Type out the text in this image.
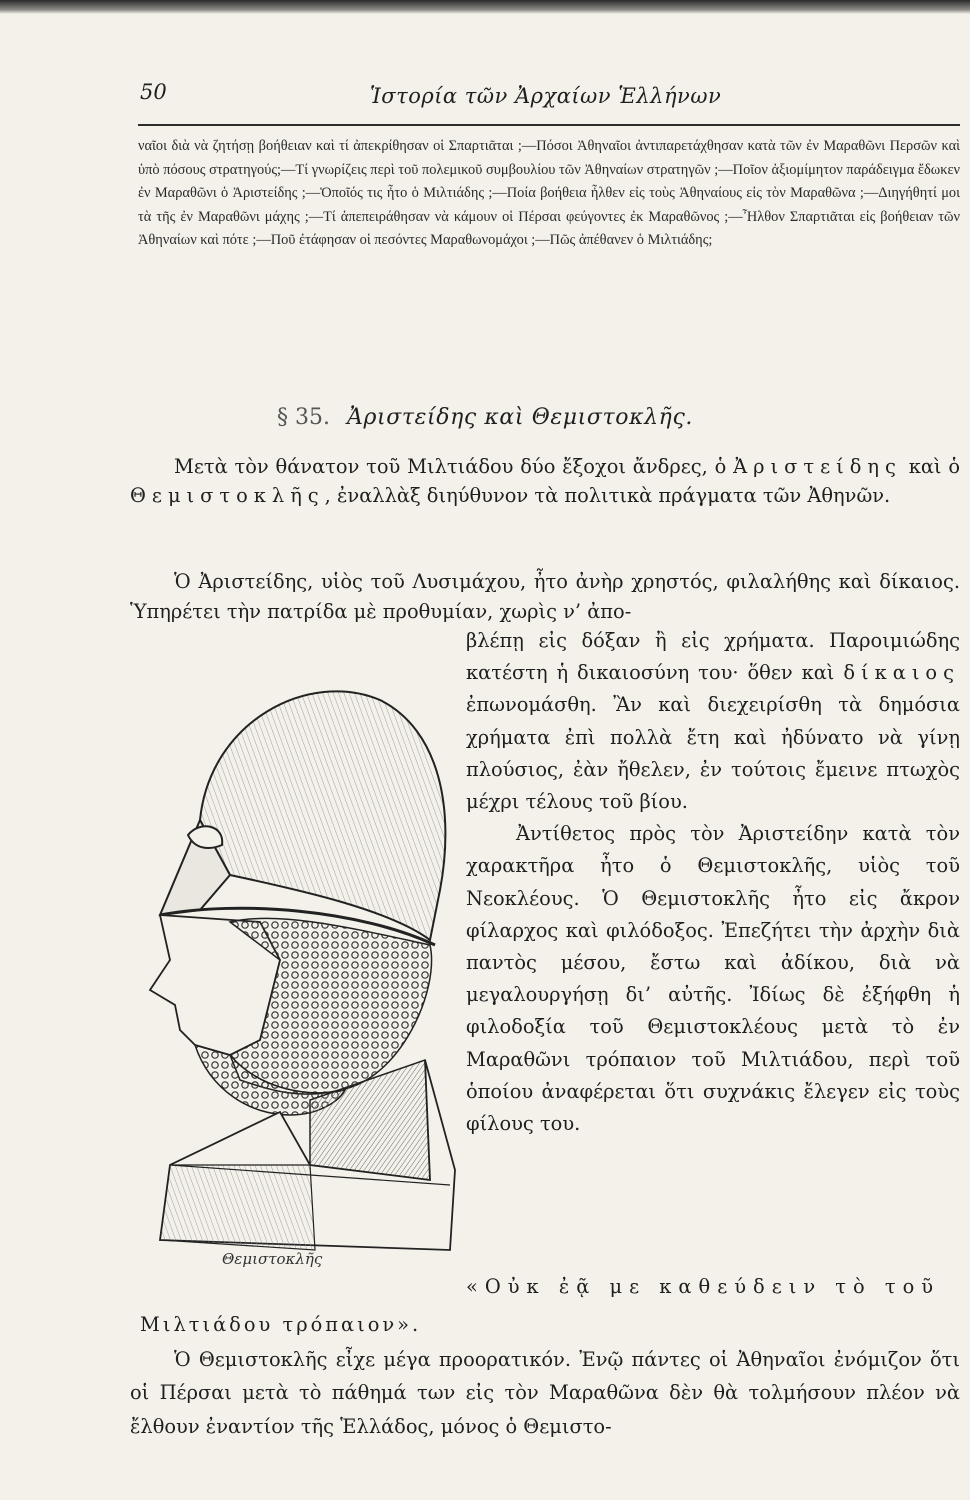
50	Ἱστορία τῶν Ἀρχαίων Ἑλλήνων
ναῖοι διὰ νὰ ζητήσῃ βοήθειαν καὶ τί ἀπεκρίθησαν οἱ Σπαρτιᾶται ;—Πόσοι Ἀθηναῖοι ἀντιπαρετάχθησαν κατὰ τῶν ἐν Μαραθῶνι Περσῶν καὶ ὑπὸ πόσους στρατηγούς;—Τί γνωρίζεις περὶ τοῦ πολεμικοῦ συμβουλίου τῶν Ἀθηναίων στρατηγῶν ;—Ποῖον ἀξιομίμητον παράδειγμα ἔδωκεν ἐν Μαραθῶνι ὁ Ἀριστείδης ;—Ὁποῖός τις ἦτο ὁ Μιλτιάδης ;—Ποία βοήθεια ἦλθεν εἰς τοὺς Ἀθηναίους εἰς τὸν Μαραθῶνα ;—Διηγήθητί μοι τὰ τῆς ἐν Μαραθῶνι μάχης ;—Τί ἀπεπειράθησαν νὰ κάμουν οἱ Πέρσαι φεύγοντες ἐκ Μαραθῶνος ;—Ἦλθον Σπαρτιᾶται εἰς βοήθειαν τῶν Ἀθηναίων καὶ πότε ;—Ποῦ ἐτάφησαν οἱ πεσόντες Μαραθωνομάχοι ;—Πῶς ἀπέθανεν ὁ Μιλτιάδης;
§ 35. Ἀριστείδης καὶ Θεμιστοκλῆς.
Μετὰ τὸν θάνατον τοῦ Μιλτιάδου δύο ἔξοχοι ἄνδρες, ὁ Ἀριστείδης καὶ ὁ Θεμιστοκλῆς, ἐναλλὰξ διηύθυνον τὰ πολιτικὰ πράγματα τῶν Ἀθηνῶν.
Ὁ Ἀριστείδης, υἱὸς τοῦ Λυσιμάχου, ἦτο ἀνὴρ χρηστός, φιλαλήθης καὶ δίκαιος. Ὑπηρέτει τὴν πατρίδα μὲ προθυμίαν, χωρὶς ν’ ἀπο-

βλέπῃ εἰς δόξαν ἢ εἰς χρήματα. Παροιμιώδης κατέστη ἡ δικαιοσύνη του· ὅθεν καὶ δίκαιος ἐπωνομάσθη. Ἂν καὶ διεχειρίσθη τὰ δημόσια χρήματα ἐπὶ πολλὰ ἔτη καὶ ἠδύνατο νὰ γίνῃ πλούσιος, ἐὰν ἤθελεν, ἐν τούτοις ἔμεινε πτωχὸς μέχρι τέλους τοῦ βίου.

Ἀντίθετος πρὸς τὸν Ἀριστείδην κατὰ τὸν χαρακτῆρα ἦτο ὁ Θεμιστοκλῆς, υἱὸς τοῦ Νεοκλέους. Ὁ Θεμιστοκλῆς ἦτο εἰς ἄκρον φίλαρχος καὶ φιλόδοξος. Ἐπεζήτει τὴν ἀρχὴν διὰ παντὸς μέσου, ἔστω καὶ ἀδίκου, διὰ νὰ μεγαλουργήσῃ δι’ αὐτῆς. Ἰδίως δὲ ἐξήφθη ἡ φιλοδοξία τοῦ Θεμιστοκλέους μετὰ τὸ ἐν Μαραθῶνι τρόπαιον τοῦ Μιλτιάδου, περὶ τοῦ ὁποίου ἀναφέρεται ὅτι συχνάκις ἔλεγεν εἰς τοὺς φίλους του.

Θεμιστοκλῆς
«Οὐκ ἐᾷ με καθεύδειν τὸ τοῦ
Μιλτιάδου τρόπαιον».

Ὁ Θεμιστοκλῆς εἶχε μέγα προορατικόν. Ἐνῷ πάντες οἱ Ἀθηναῖοι ἐνόμιζον ὅτι οἱ Πέρσαι μετὰ τὸ πάθημά των εἰς τὸν Μαραθῶνα δὲν θὰ τολμήσουν πλέον νὰ ἔλθουν ἐναντίον τῆς Ἑλλάδος, μόνος ὁ Θεμιστο-
